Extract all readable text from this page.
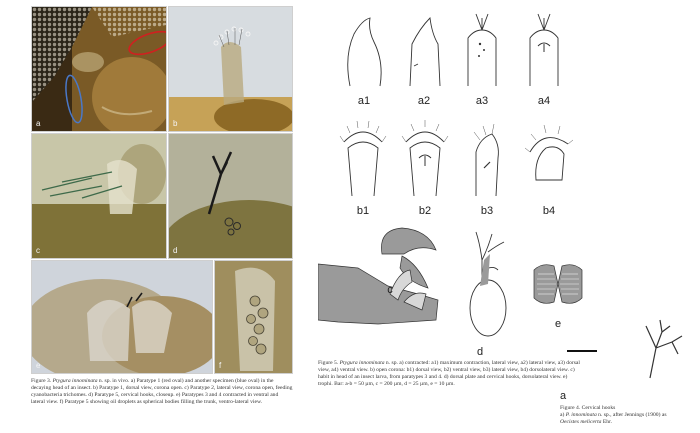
a	b
c	d
e	f
Figure 3. Ptygura innominata n. sp. in vivo. a) Paratype 1 (red oval) and another specimen (blue oval) in the decaying head of an insect. b) Paratype 1, dorsal view, corona open. c) Paratype 2, lateral view, corona open, feeding cyanobacteria trichomes. d) Paratype 5, cervical hooks, closeup. e) Paratypes 3 and 4 contracted in ventral and lateral view. f) Paratype 5 showing oil droplets as spherical bodies filling the trunk, ventro-lateral view.
a1	a2	a3	a4
b1	b2	b3	b4
c
d
e
Figure 5. Ptygura innominata n. sp. a) contracted: a1) maximum contraction, lateral view, a2) lateral view, a3) dorsal view, a4) ventral view. b) open corona: b1) dorsal view, b2) ventral view, b3) lateral view, b4) dorsolateral view. c) habit in head of an insect larva, from paratypes 3 and 4. d) dorsal plate and cervical hooks, dorsolateral view. e) trophi. Bar: a-b = 50 µm, c = 200 µm, d = 25 µm, e = 10 µm.
a
Figure 4. Cervical hooks
a) P. innominata n. sp., after Jennings (1900) as
Oecistes melicerta Ehr.
